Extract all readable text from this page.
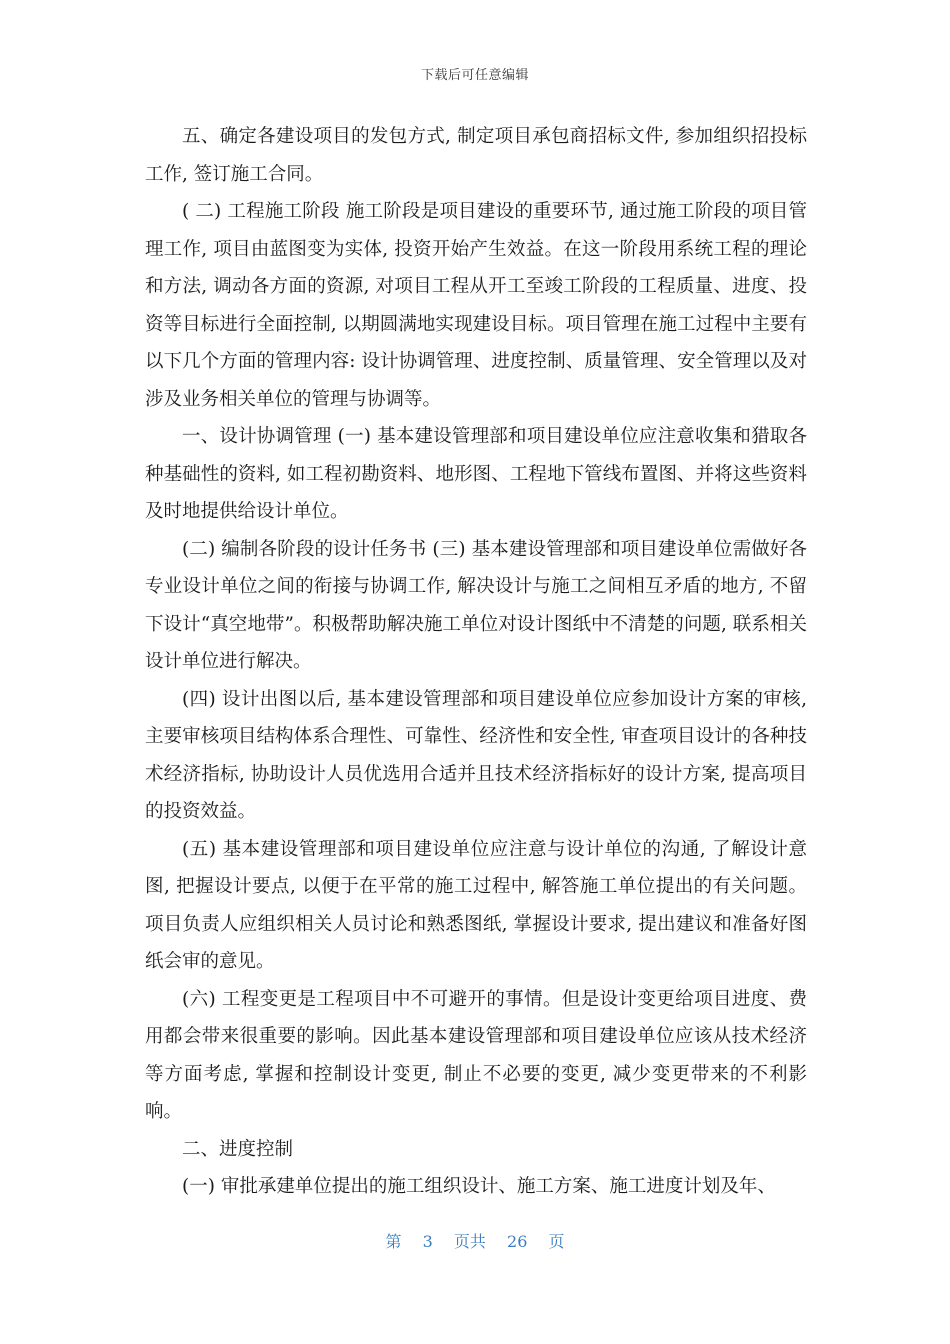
下载后可任意编辑

五、确定各建设项目的发包方式, 制定项目承包商招标文件, 参加组织招投标工作, 签订施工合同。

( 二) 工程施工阶段 施工阶段是项目建设的重要环节, 通过施工阶段的项目管理工作, 项目由蓝图变为实体, 投资开始产生效益。在这一阶段用系统工程的理论和方法, 调动各方面的资源, 对项目工程从开工至竣工阶段的工程质量、进度、投资等目标进行全面控制, 以期圆满地实现建设目标。项目管理在施工过程中主要有以下几个方面的管理内容: 设计协调管理、进度控制、质量管理、安全管理以及对涉及业务相关单位的管理与协调等。

一、设计协调管理 (一) 基本建设管理部和项目建设单位应注意收集和猎取各种基础性的资料, 如工程初勘资料、地形图、工程地下管线布置图、并将这些资料及时地提供给设计单位。

(二) 编制各阶段的设计任务书 (三) 基本建设管理部和项目建设单位需做好各专业设计单位之间的衔接与协调工作, 解决设计与施工之间相互矛盾的地方, 不留下设计“真空地带”。积极帮助解决施工单位对设计图纸中不清楚的问题, 联系相关设计单位进行解决。

(四) 设计出图以后, 基本建设管理部和项目建设单位应参加设计方案的审核, 主要审核项目结构体系合理性、可靠性、经济性和安全性, 审查项目设计的各种技术经济指标, 协助设计人员优选用合适并且技术经济指标好的设计方案, 提高项目的投资效益。

(五) 基本建设管理部和项目建设单位应注意与设计单位的沟通, 了解设计意图, 把握设计要点, 以便于在平常的施工过程中, 解答施工单位提出的有关问题。项目负责人应组织相关人员讨论和熟悉图纸, 掌握设计要求, 提出建议和准备好图纸会审的意见。

(六) 工程变更是工程项目中不可避开的事情。但是设计变更给项目进度、费用都会带来很重要的影响。因此基本建设管理部和项目建设单位应该从技术经济等方面考虑, 掌握和控制设计变更, 制止不必要的变更, 减少变更带来的不利影响。

二、进度控制

(一) 审批承建单位提出的施工组织设计、施工方案、施工进度计划及年、

第 3 页共 26 页
